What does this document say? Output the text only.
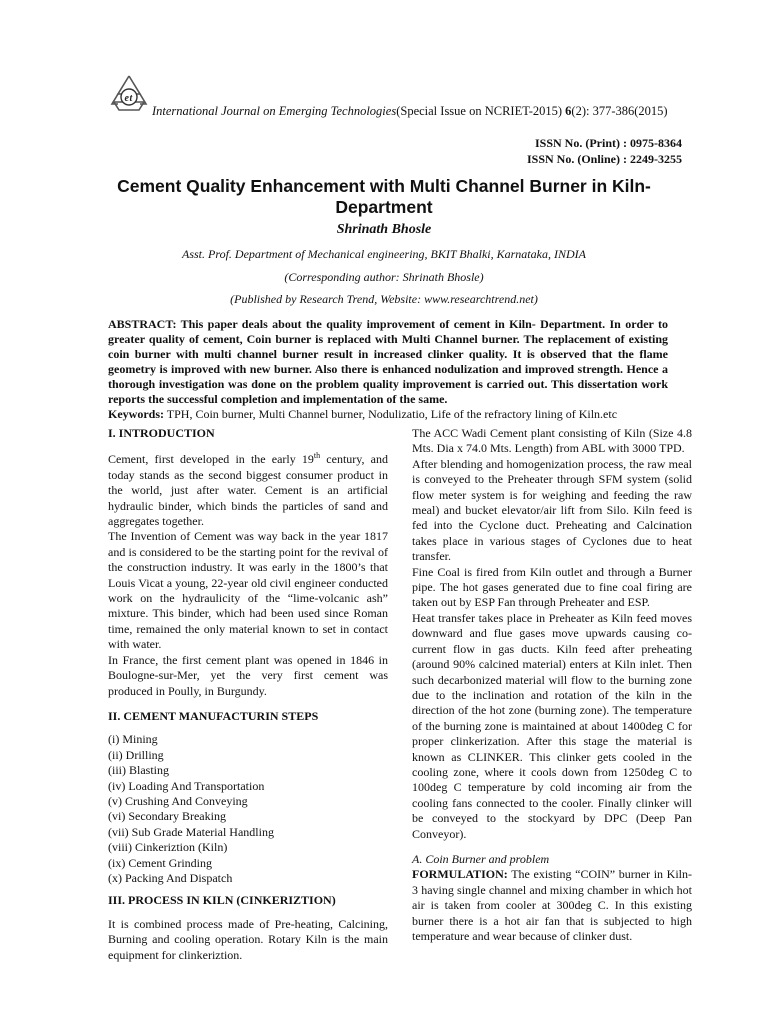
e t
International Journal on Emerging Technologies(Special Issue on NCRIET-2015) 6(2): 377-386(2015)
ISSN No. (Print) : 0975-8364
ISSN No. (Online) : 2249-3255
Cement Quality Enhancement with Multi Channel Burner in Kiln- Department
Shrinath Bhosle
Asst. Prof. Department of Mechanical engineering, BKIT Bhalki, Karnataka, INDIA
(Corresponding author: Shrinath Bhosle)
(Published by Research Trend, Website: www.researchtrend.net)
ABSTRACT: This paper deals about the quality improvement of cement in Kiln- Department. In order to greater quality of cement, Coin burner is replaced with Multi Channel burner. The replacement of existing coin burner with multi channel burner result in increased clinker quality. It is observed that the flame geometry is improved with new burner. Also there is enhanced nodulization and improved strength. Hence a thorough investigation was done on the problem quality improvement is carried out. This dissertation work reports the successful completion and implementation of the same.
Keywords: TPH, Coin burner, Multi Channel burner, Nodulizatio, Life of the refractory lining of Kiln.etc
I. INTRODUCTION

Cement, first developed in the early 19th century, and today stands as the second biggest consumer product in the world, just after water. Cement is an artificial hydraulic binder, which binds the particles of sand and aggregates together.

The Invention of Cement was way back in the year 1817 and is considered to be the starting point for the revival of the construction industry. It was early in the 1800’s that Louis Vicat a young, 22-year old civil engineer conducted work on the hydraulicity of the “lime-volcanic ash” mixture. This binder, which had been used since Roman time, remained the only material known to set in contact with water.

In France, the first cement plant was opened in 1846 in Boulogne-sur-Mer, yet the very first cement was produced in Poully, in Burgundy.

II. CEMENT MANUFACTURIN STEPS
(i) Mining
(ii) Drilling
(iii) Blasting
(iv) Loading And Transportation
(v) Crushing And Conveying
(vi) Secondary Breaking
(vii) Sub Grade Material Handling
(viii) Cinkeriztion (Kiln)
(ix) Cement Grinding
(x) Packing And Dispatch
III. PROCESS IN KILN (CINKERIZTION)

It is combined process made of Pre-heating, Calcining, Burning and cooling operation. Rotary Kiln is the main equipment for clinkeriztion.

The ACC Wadi Cement plant consisting of Kiln (Size 4.8 Mts. Dia x 74.0 Mts. Length) from ABL with 3000 TPD.

After blending and homogenization process, the raw meal is conveyed to the Preheater through SFM system (solid flow meter system is for weighing and feeding the raw meal) and bucket elevator/air lift from Silo. Kiln feed is fed into the Cyclone duct. Preheating and Calcination takes place in various stages of Cyclones due to heat transfer.

Fine Coal is fired from Kiln outlet and through a Burner pipe. The hot gases generated due to fine coal firing are taken out by ESP Fan through Preheater and ESP.

Heat transfer takes place in Preheater as Kiln feed moves downward and flue gases move upwards causing co-current flow in gas ducts. Kiln feed after preheating (around 90% calcined material) enters at Kiln inlet. Then such decarbonized material will flow to the burning zone due to the inclination and rotation of the kiln in the direction of the hot zone (burning zone). The temperature of the burning zone is maintained at about 1400deg C for proper clinkerization. After this stage the material is known as CLINKER. This clinker gets cooled in the cooling zone, where it cools down from 1250deg C to 100deg C temperature by cold incoming air from the cooling fans connected to the cooler. Finally clinker will be conveyed to the stockyard by DPC (Deep Pan Conveyor).

A. Coin Burner and problem

FORMULATION: The existing “COIN” burner in Kiln-3 having single channel and mixing chamber in which hot air is taken from cooler at 300deg C. In this existing burner there is a hot air fan that is subjected to high temperature and wear because of clinker dust.
